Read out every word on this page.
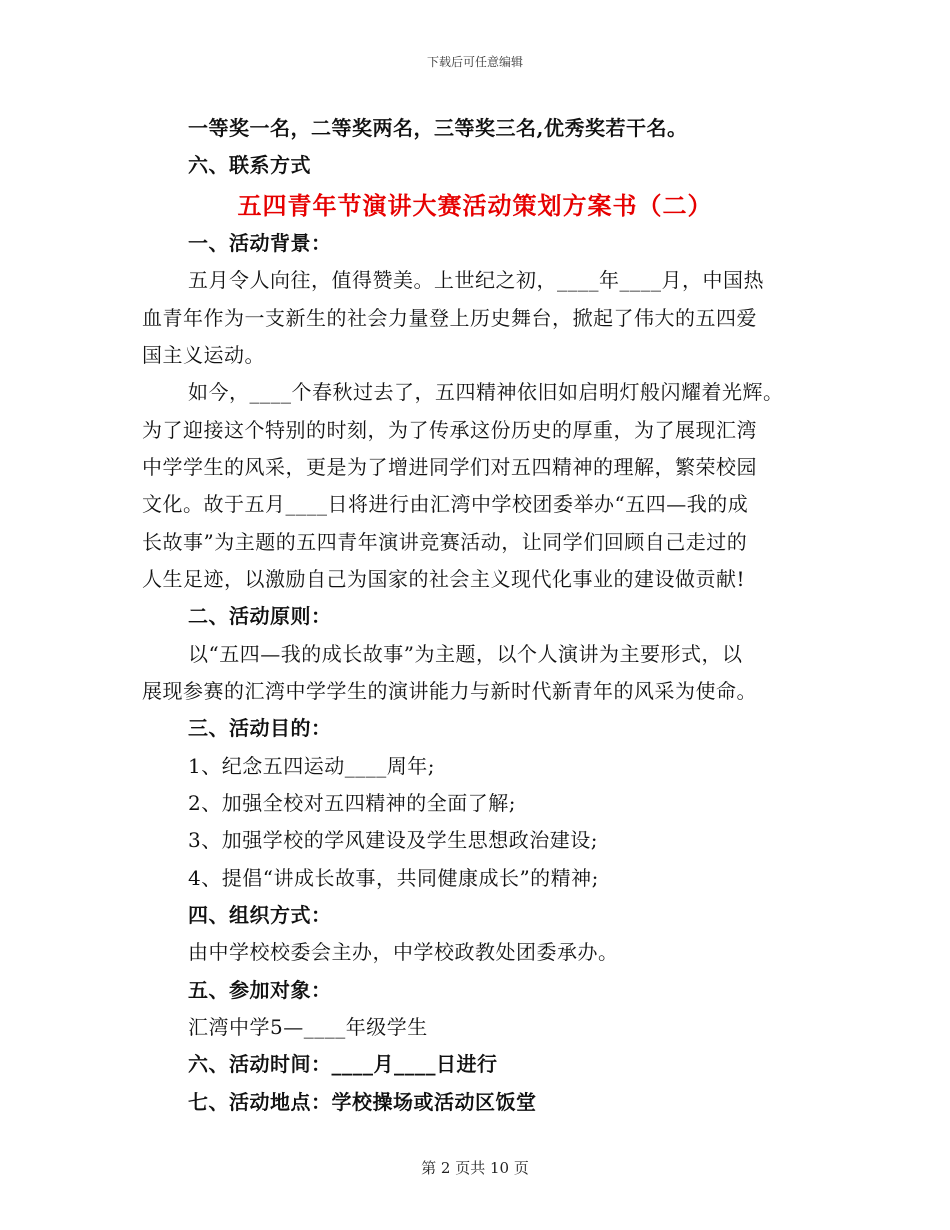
下载后可任意编辑
一等奖一名，二等奖两名，三等奖三名,优秀奖若干名。
六、联系方式
五四青年节演讲大赛活动策划方案书（二）
一、活动背景：
五月令人向往，值得赞美。上世纪之初，____年____月，中国热
血青年作为一支新生的社会力量登上历史舞台，掀起了伟大的五四爱
国主义运动。
如今，____个春秋过去了，五四精神依旧如启明灯般闪耀着光辉。
为了迎接这个特别的时刻，为了传承这份历史的厚重，为了展现汇湾
中学学生的风采，更是为了增进同学们对五四精神的理解，繁荣校园
文化。故于五月____日将进行由汇湾中学校团委举办“五四—我的成
长故事”为主题的五四青年演讲竞赛活动，让同学们回顾自己走过的
人生足迹，以激励自己为国家的社会主义现代化事业的建设做贡献!
二、活动原则：
以“五四—我的成长故事”为主题，以个人演讲为主要形式，以
展现参赛的汇湾中学学生的演讲能力与新时代新青年的风采为使命。
三、活动目的：
1、纪念五四运动____周年;
2、加强全校对五四精神的全面了解;
3、加强学校的学风建设及学生思想政治建设;
4、提倡“讲成长故事，共同健康成长”的精神;
四、组织方式：
由中学校校委会主办，中学校政教处团委承办。
五、参加对象：
汇湾中学5—____年级学生
六、活动时间：____月____日进行
七、活动地点：学校操场或活动区饭堂
第 2 页共 10 页
